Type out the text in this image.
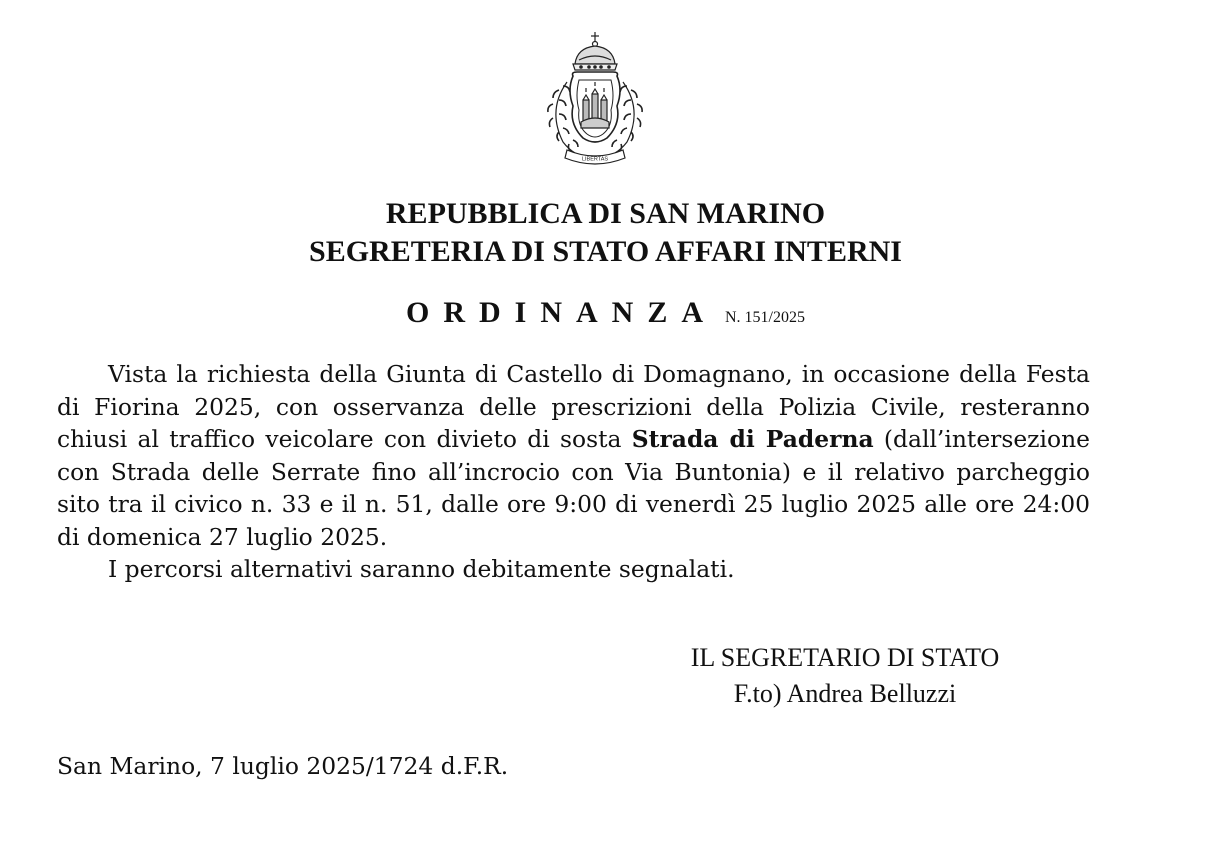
LIBERTAS
REPUBBLICA DI SAN MARINO
SEGRETERIA DI STATO AFFARI INTERNI
ORDINANZA N. 151/2025

Vista la richiesta della Giunta di Castello di Domagnano, in occasione della Festa di Fiorina 2025, con osservanza delle prescrizioni della Polizia Civile, resteranno chiusi al traffico veicolare con divieto di sosta Strada di Paderna (dall’intersezione con Strada delle Serrate fino all’incrocio con Via Buntonia) e il relativo parcheggio sito tra il civico n. 33 e il n. 51, dalle ore 9:00 di venerdì 25 luglio 2025 alle ore 24:00 di domenica 27 luglio 2025.

I percorsi alternativi saranno debitamente segnalati.

IL SEGRETARIO DI STATO
F.to) Andrea Belluzzi
San Marino, 7 luglio 2025/1724 d.F.R.
